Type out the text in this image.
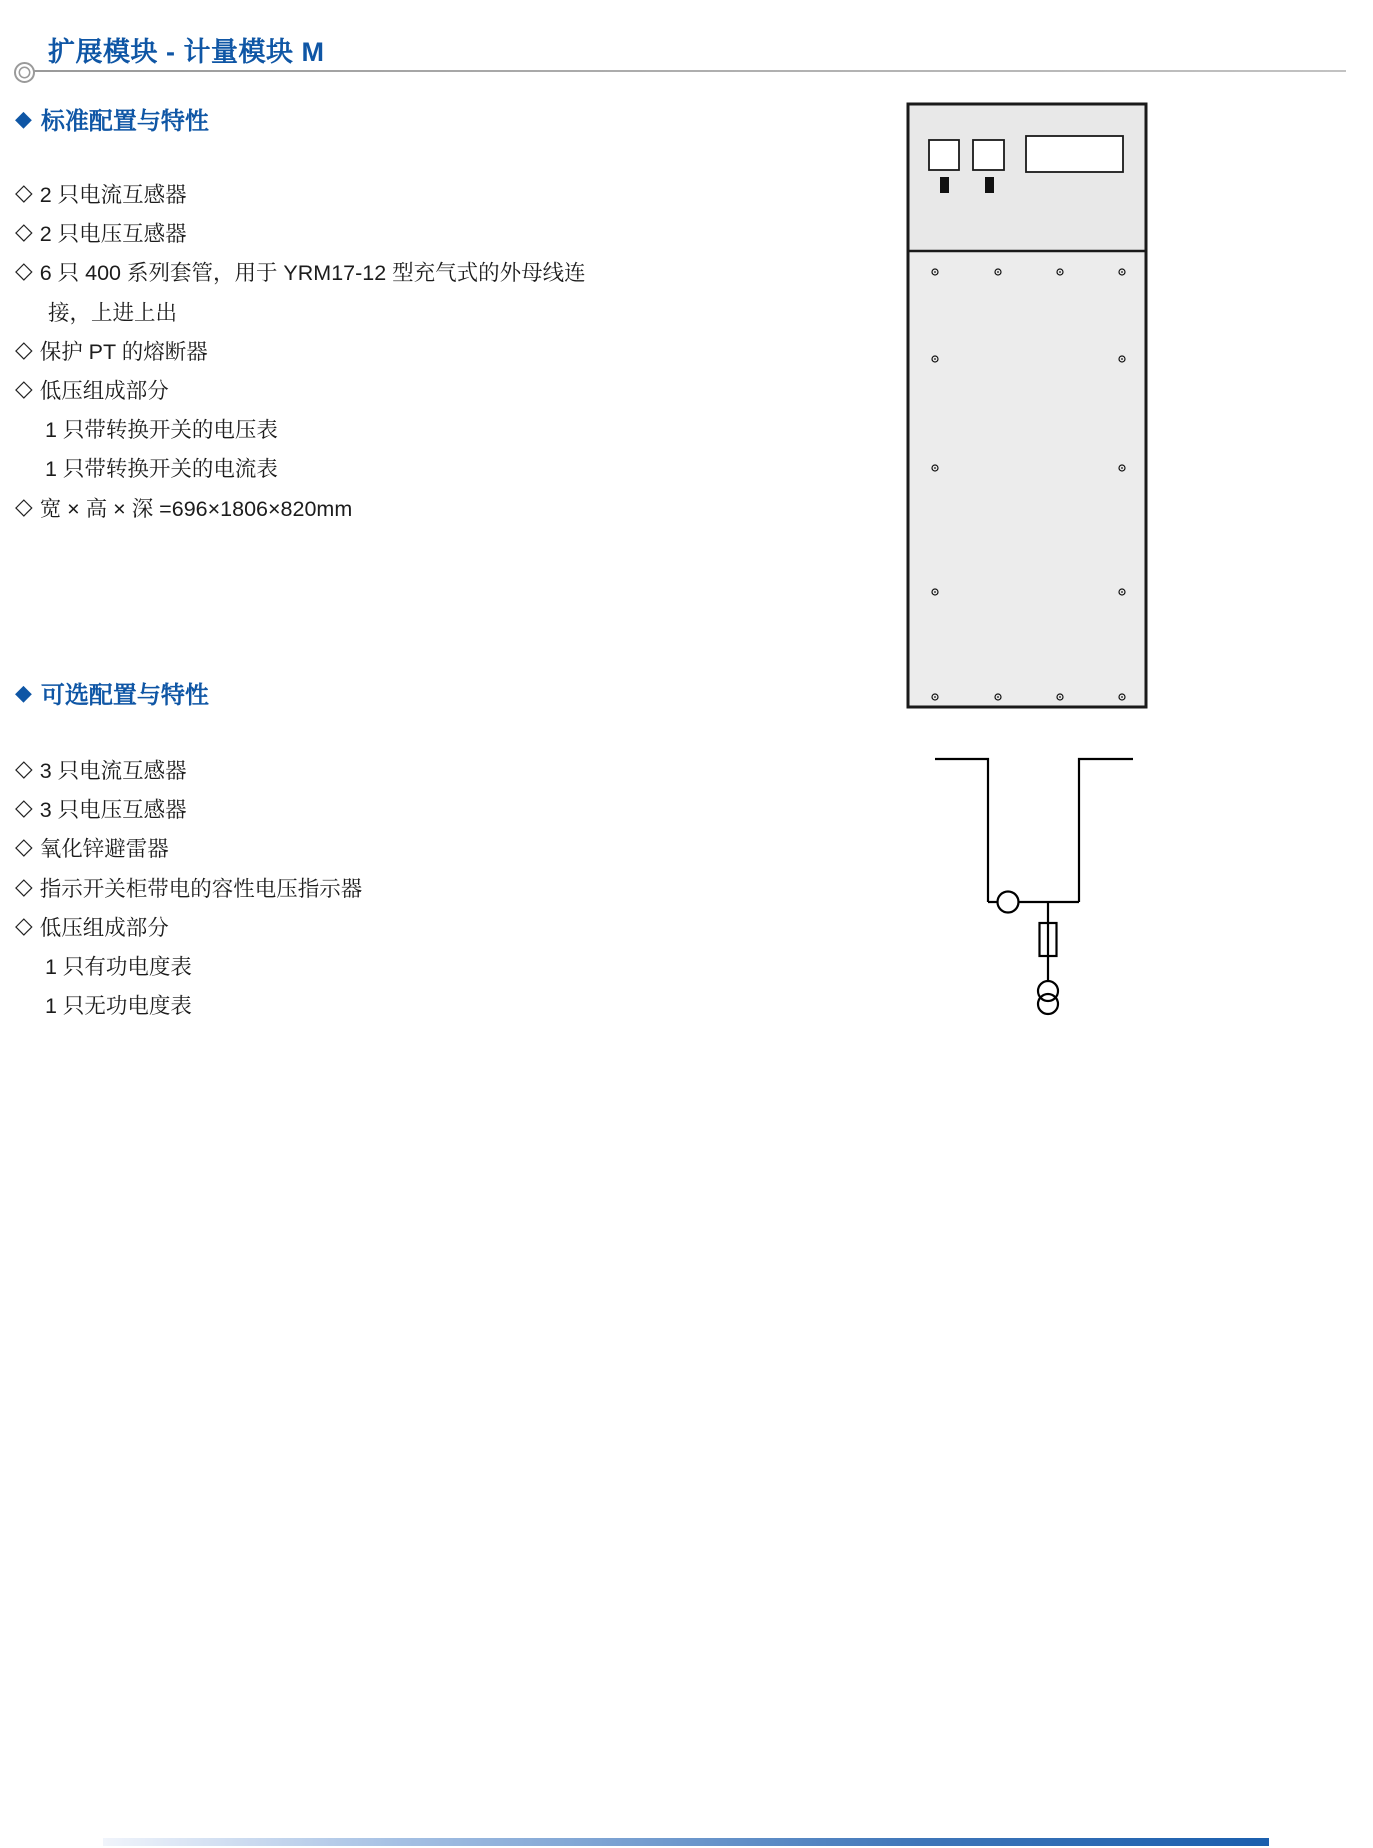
扩展模块 - 计量模块 M
◆ 标准配置与特性
◇ 2 只电流互感器
◇ 2 只电压互感器
◇ 6 只 400 系列套管，用于 YRM17-12 型充气式的外母线连
接，上进上出
◇ 保护 PT 的熔断器
◇ 低压组成部分
1 只带转换开关的电压表
1 只带转换开关的电流表
◇ 宽 × 高 × 深 =696×1806×820mm
◆ 可选配置与特性
◇ 3 只电流互感器
◇ 3 只电压互感器
◇ 氧化锌避雷器
◇ 指示开关柜带电的容性电压指示器
◇ 低压组成部分
1 只有功电度表
1 只无功电度表
